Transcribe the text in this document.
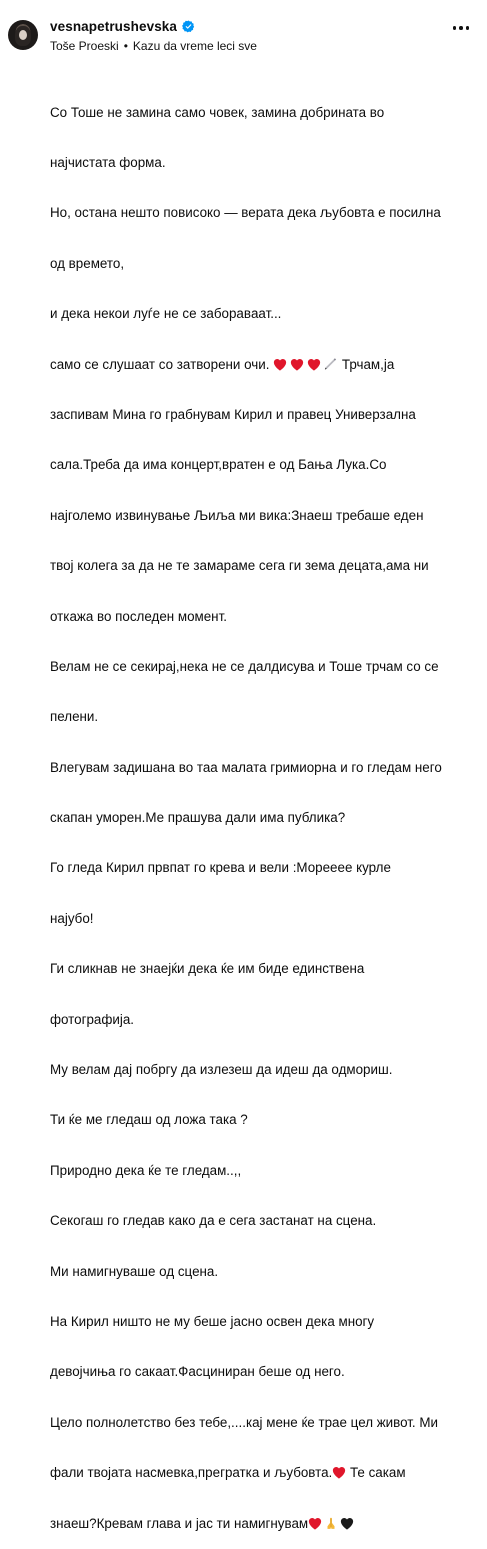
vesnapetrushevska
Toše Proeski • Kazu da vreme leci sve

Со Тоше не замина само човек, замина добрината во

најчистата форма.

Но, остана нешто повисоко — верата дека љубовта е посилна

од времето,

и дека некои луѓе не се заборавaат...

само се слушаат со затворени очи.	Трчам,ја

заспивам Мина го грабнувам Кирил и правец Универзална

сала.Треба да има концерт,вратен е од Бања Лука.Со

најголемо извинување Љиља ми вика:Знаеш требаше еден

твој колега за да не те замараме сега ги зема децата,ама ни

откажа во последен момент.

Велам не се секирај,нека не се далдисува и Тоше трчам со се

пелени.

Влегувам задишана во таа малата гримиорна и го гледам него

скапан уморен.Ме прашува дали има публика?

Го гледа Кирил првпат го крева и вели :Мореееe курле

најубо!

Ги сликнав не знаејќи дека ќе им биде единствена

фотографија.

Му велам дај побргу да излезеш да идеш да одмориш.

Ти ќе ме гледаш од ложа така ?

Природно дека ќе те гледам..,,

Секогаш го гледав како да е сега застанат на сцена.

Ми намигнуваше од сцена.

На Кирил ништо не му беше јасно освен дека многу

девојчиња го сакаат.Фасциниран беше од него.

Цело полнолетство без тебе,....кај мене ќе трае цел живот. Ми

фали твојата насмевка,прегратка и љубовта. Те сакам

знаеш?Кревам глава и јас ти намигнувам
